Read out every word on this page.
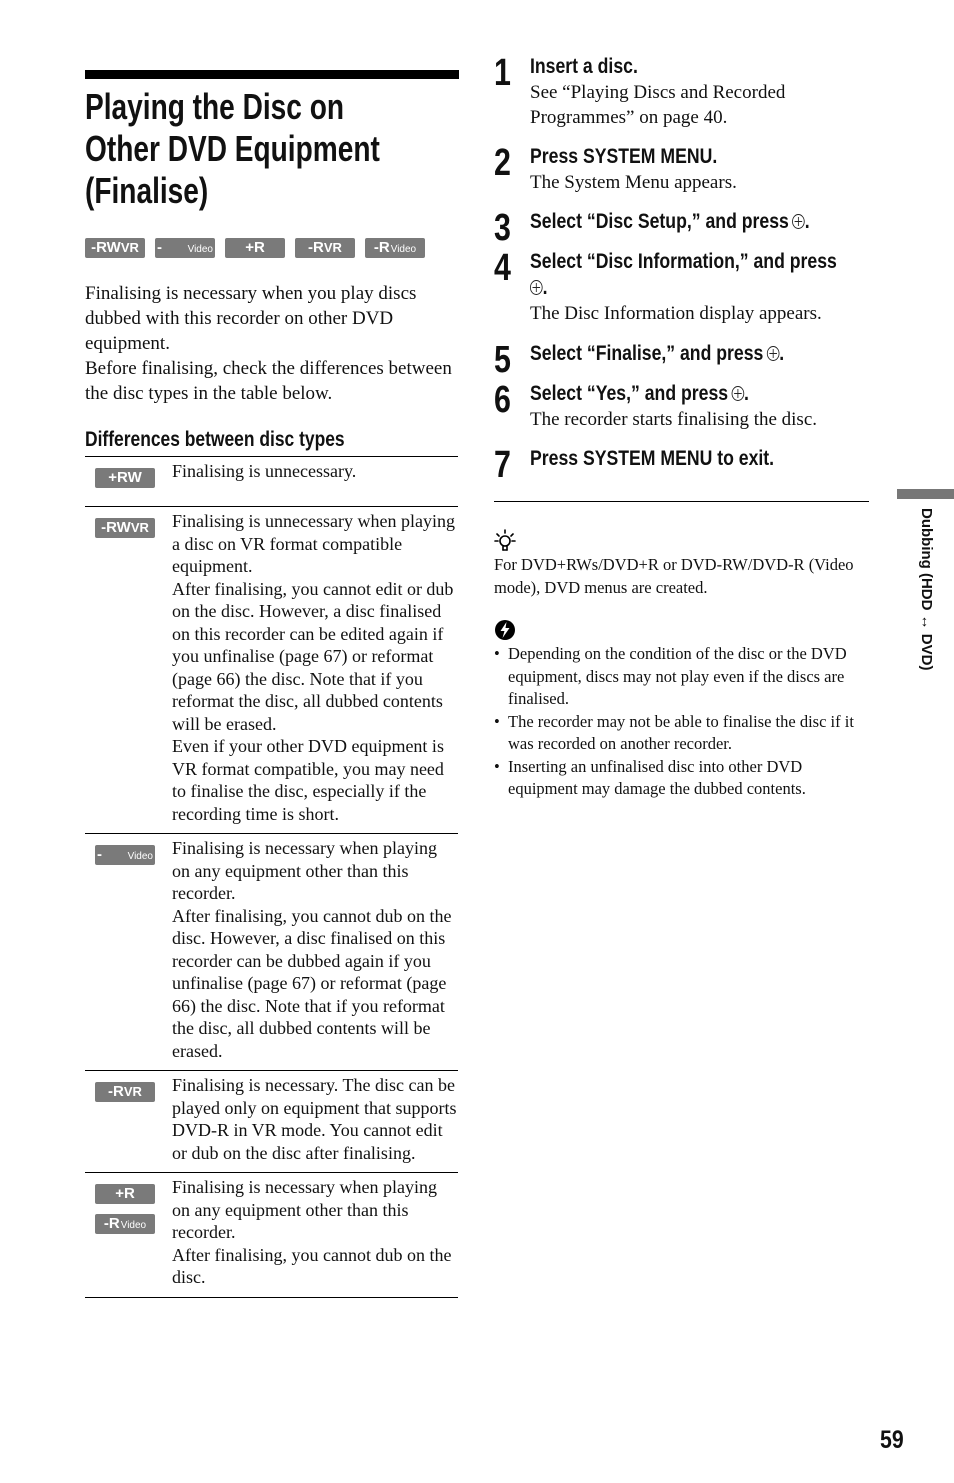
Playing the Disc on
Other DVD Equipment
(Finalise)
-RW VR -RW
Video +R	-R VR -R Video

Finalising is necessary when you play discs dubbed with this recorder on other DVD equipment.

Before finalising, check the differences between the disc types in the table below.

Differences between disc types
+RW Finalising is unnecessary.

-RW VR Finalising is unnecessary when playing a disc on VR format compatible equipment.

After finalising, you cannot edit or dub on the disc. However, a disc finalised on this recorder can be edited again if you unfinalise (page 67) or reformat (page 66) the disc. Note that if you reformat the disc, all dubbed contents will be erased.

Even if your other DVD equipment is VR format compatible, you may need to finalise the disc, especially if the recording time is short.

-RW
Video Finalising is necessary when playing on any equipment other than this recorder.

After finalising, you cannot dub on the disc. However, a disc finalised on this recorder can be dubbed again if you unfinalise (page 67) or reformat (page 66) the disc. Note that if you reformat the disc, all dubbed contents will be erased.

-R VR Finalising is necessary. The disc can be played only on equipment that supports DVD-R in VR mode. You cannot edit or dub on the disc after finalising.

+R
-R Video

Finalising is necessary when playing on any equipment other than this recorder.

After finalising, you cannot dub on the disc.

1 Insert a disc.

See “Playing Discs and Recorded Programmes” on page 40.

2 Press SYSTEM MENU.

The System Menu appears.

3 Select “Disc Setup,” and press .
4 Select “Disc Information,” and press
.

The Disc Information display appears.

5 Select “Finalise,” and press .
6 Select “Yes,” and press .

The recorder starts finalising the disc.

7 Press SYSTEM MENU to exit.

For DVD+RWs/DVD+R or DVD-RW/DVD-R (Video mode), DVD menus are created.

• Depending on the condition of the disc or the DVD equipment, discs may not play even if the discs are finalised.
• The recorder may not be able to finalise the disc if it was recorded on another recorder.
• Inserting an unfinalised disc into other DVD equipment may damage the dubbed contents.
Dubbing (HDD ↔ DVD)
59
